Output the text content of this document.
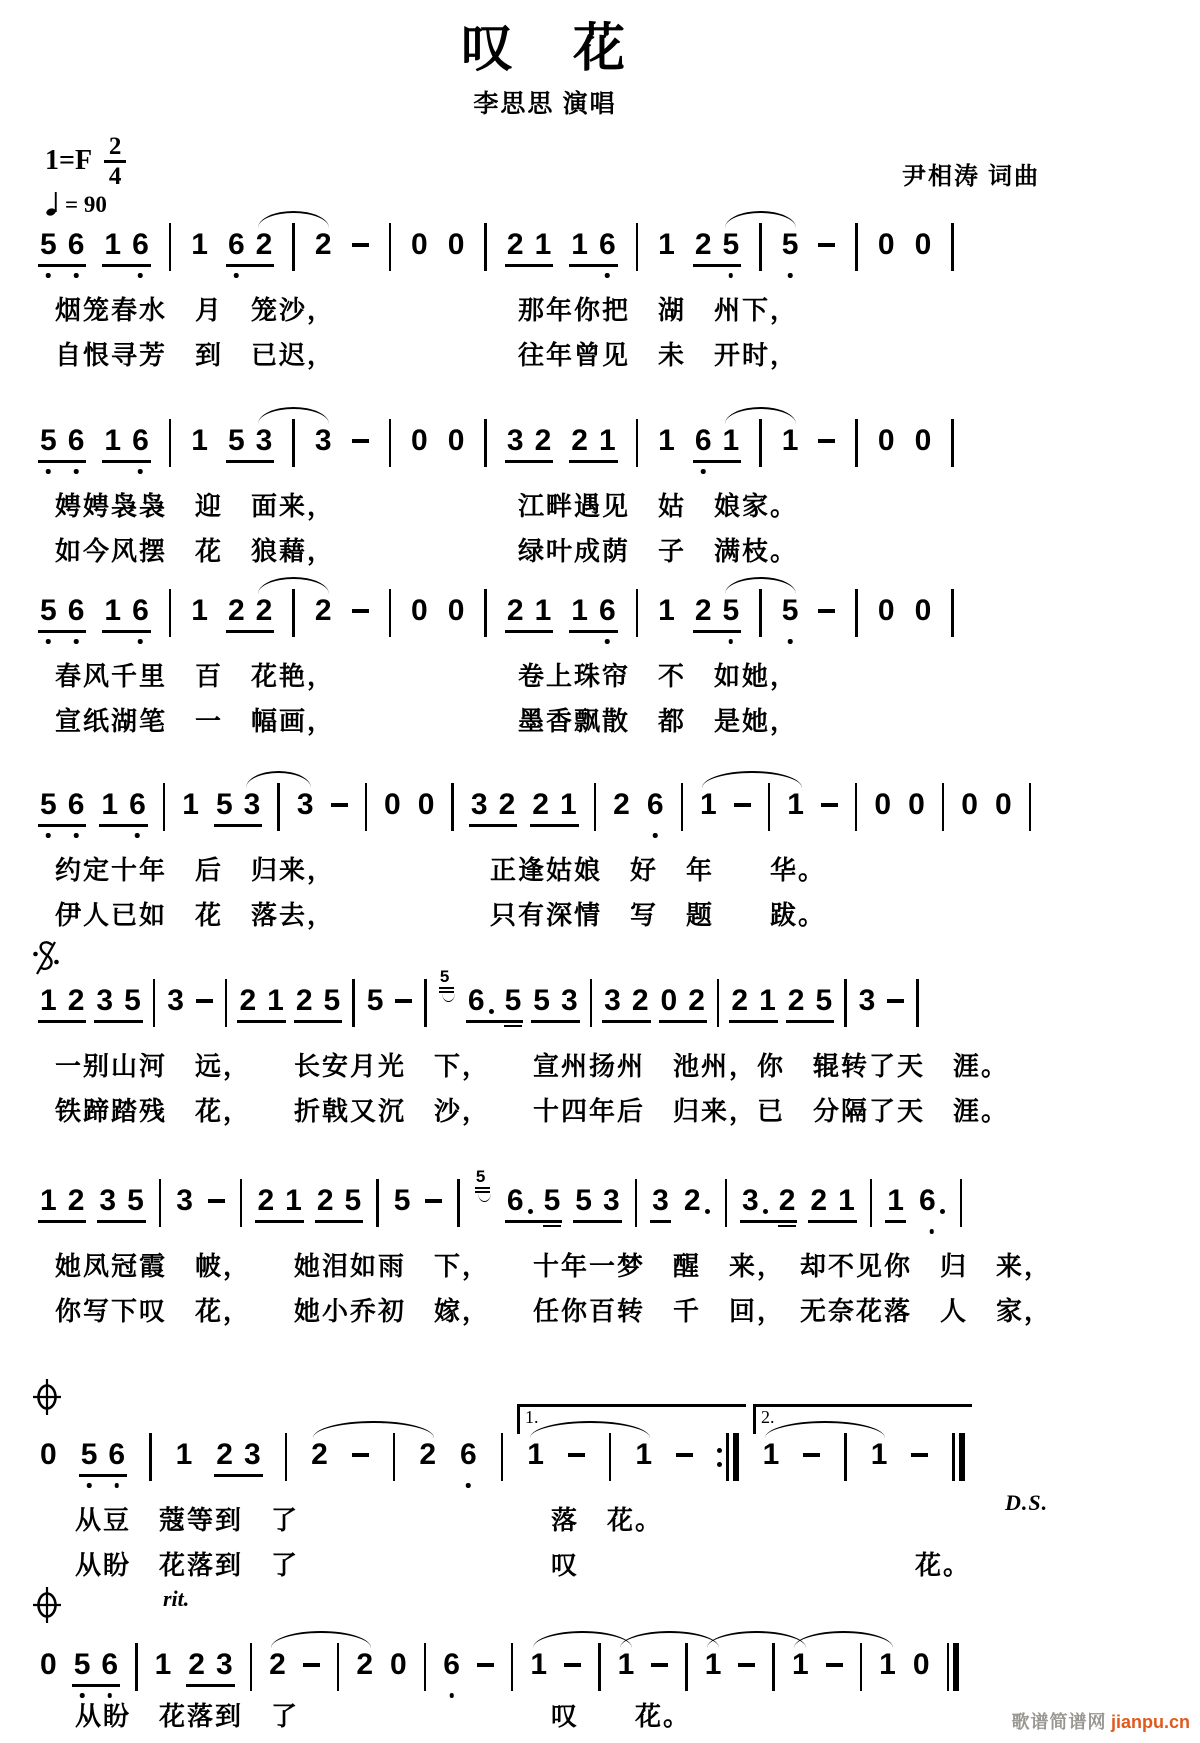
叹　花
李思思 演唱
$1=F \frac{2}{4}$	尹相涛 词曲
= 90
5 6 1 6 1 6 2 2	0 0 2 1 1 6 1 2 5 5	0 0
烟笼春水　月　笼沙，　　　　　　　那年你把　湖　州下，
自恨寻芳　到　已迟，　　　　　　　往年曾见　未　开时，
5 6 1 6 1 5 3 3	0 0 3 2 2 1 1 6 1 1	0 0
娉娉袅袅　迎　面来，　　　　　　　江畔遇见　姑　娘家。
如今风摆　花　狼藉，　　　　　　　绿叶成荫　子　满枝。
5 6 1 6 1 2 2 2	0 0 2 1 1 6 1 2 5 5	0 0
春风千里　百　花艳，　　　　　　　卷上珠帘　不　如她，
宣纸湖笔　一　幅画，　　　　　　　墨香飘散　都　是她，
5 6 1 6 1 5 3 3 0 0 3 2 2 1 2 6 1 1 0 0 0 0
约定十年　后　归来，　　　　　　正逢姑娘　好　年　　华。
伊人已如　花　落去，　　　　　　只有深情　写　题　　跋。
1 2 3 5 3 2 1 2 5 5
5
6 5 5 3 3 2 0 2 2 1 2 5 3
一别山河　远，　　长安月光　下，　　宣州扬州　池州，你　辊转了天　涯。
铁蹄踏残　花，　　折戟又沉　沙，　　十四年后　归来，已　分隔了天　涯。
1 2 3 5 3 2 1 2 5 5
5
6 5 5 3 3 2	3 2 2 1 1 6
她凤冠霞　帔，　　她泪如雨　下，　　十年一梦　醒　来，　却不见你　归　来，
你写下叹　花，　　她小乔初　嫁，　　任你百转　千　回，　无奈花落　人　家，
0 5 6 1 2 3 2	2 6 1	1	1	1
1.	2.
从豆　蔻等到　了　　　　　　　　　落　花。
从盼　花落到　了　　　　　　　　　叹　　　　　　　　　　　　花。
0 5 6 1 2 3 2 2 0 6 1 1 1 1 1 0
从盼　花落到　了　　　　　　　　　叹　　花。
rit.
D.S.
歌谱简谱网 jianpu.cn
